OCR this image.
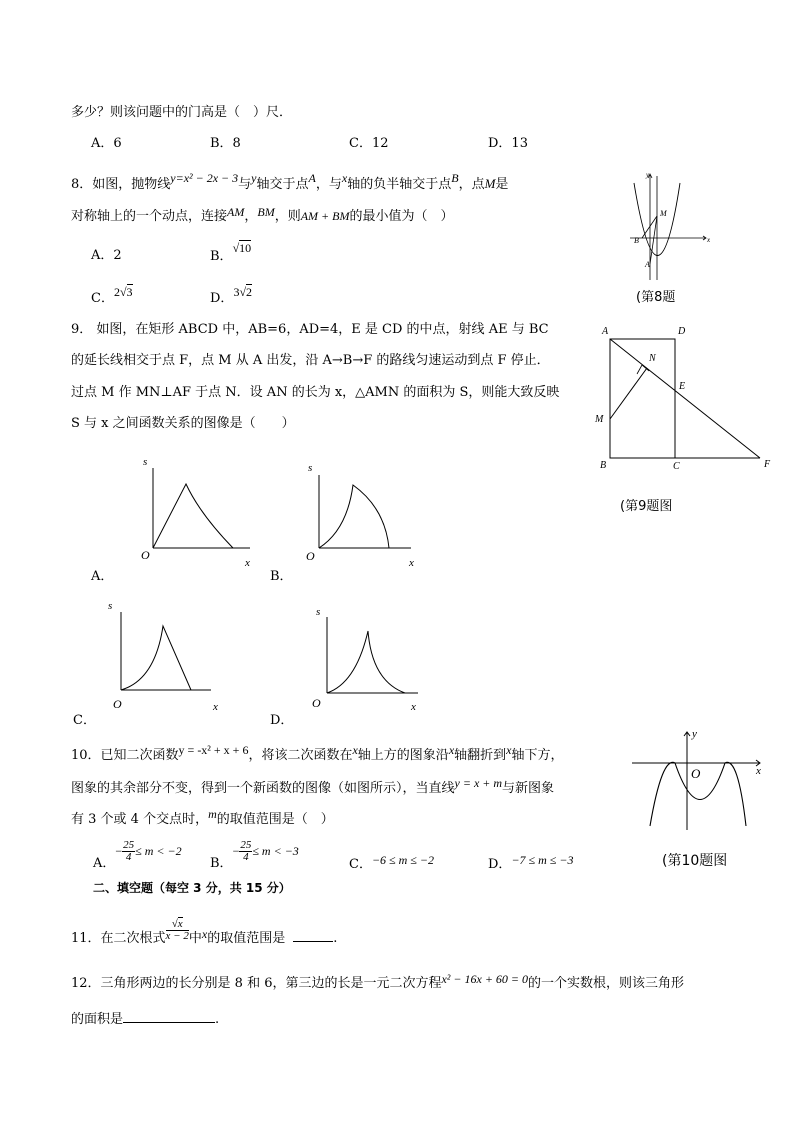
多少？则该问题中的门高是（　）尺．
A．6	B．8	C．12	D．13
8．如图，抛物线y=x² − 2x − 3与y轴交于点A，与x轴的负半轴交于点B，点M是
对称轴上的一个动点，连接AM，BM，则AM + BM的最小值为（　）
A．2	B．√10
C．2√3	D．3√2
y
M
B	x
A
(第8题
9． 如图，在矩形 ABCD 中，AB=6，AD=4，E 是 CD 的中点，射线 AE 与 BC
的延长线相交于点 F，点 M 从 A 出发，沿 A→B→F 的路线匀速运动到点 F 停止．
过点 M 作 MN⊥AF 于点 N．设 AN 的长为 x，△AMN 的面积为 S，则能大致反映
S 与 x 之间函数关系的图像是（　　）
A	D
N
E
M
B	C	F
(第9题图
s
O
x
A．
s
O	x
B．
s
O	x
C．
s
O	x
D．
10．已知二次函数y = -x² + x + 6，将该二次函数在x轴上方的图象沿x轴翻折到x轴下方，
图象的其余部分不变，得到一个新函数的图像（如图所示），当直线y = x + m与新图象
有 3 个或 4 个交点时，m的取值范围是（　）
A．− $\frac{25}{4} \le m < -2$
B．− $\frac{25}{4} \le m < -3$
C．−6 ≤ m ≤ −2	D．−7 ≤ m ≤ −3
y
O	x
(第10题图
二、填空题（每空 3 分，共 15 分）
11．在二次根式 $\frac{√x}{x - 2}$ 中x的取值范围是	.
12．三角形两边的长分别是 8 和 6，第三边的长是一元二次方程x² − 16x + 60 = 0的一个实数根，则该三角形
的面积是	.
